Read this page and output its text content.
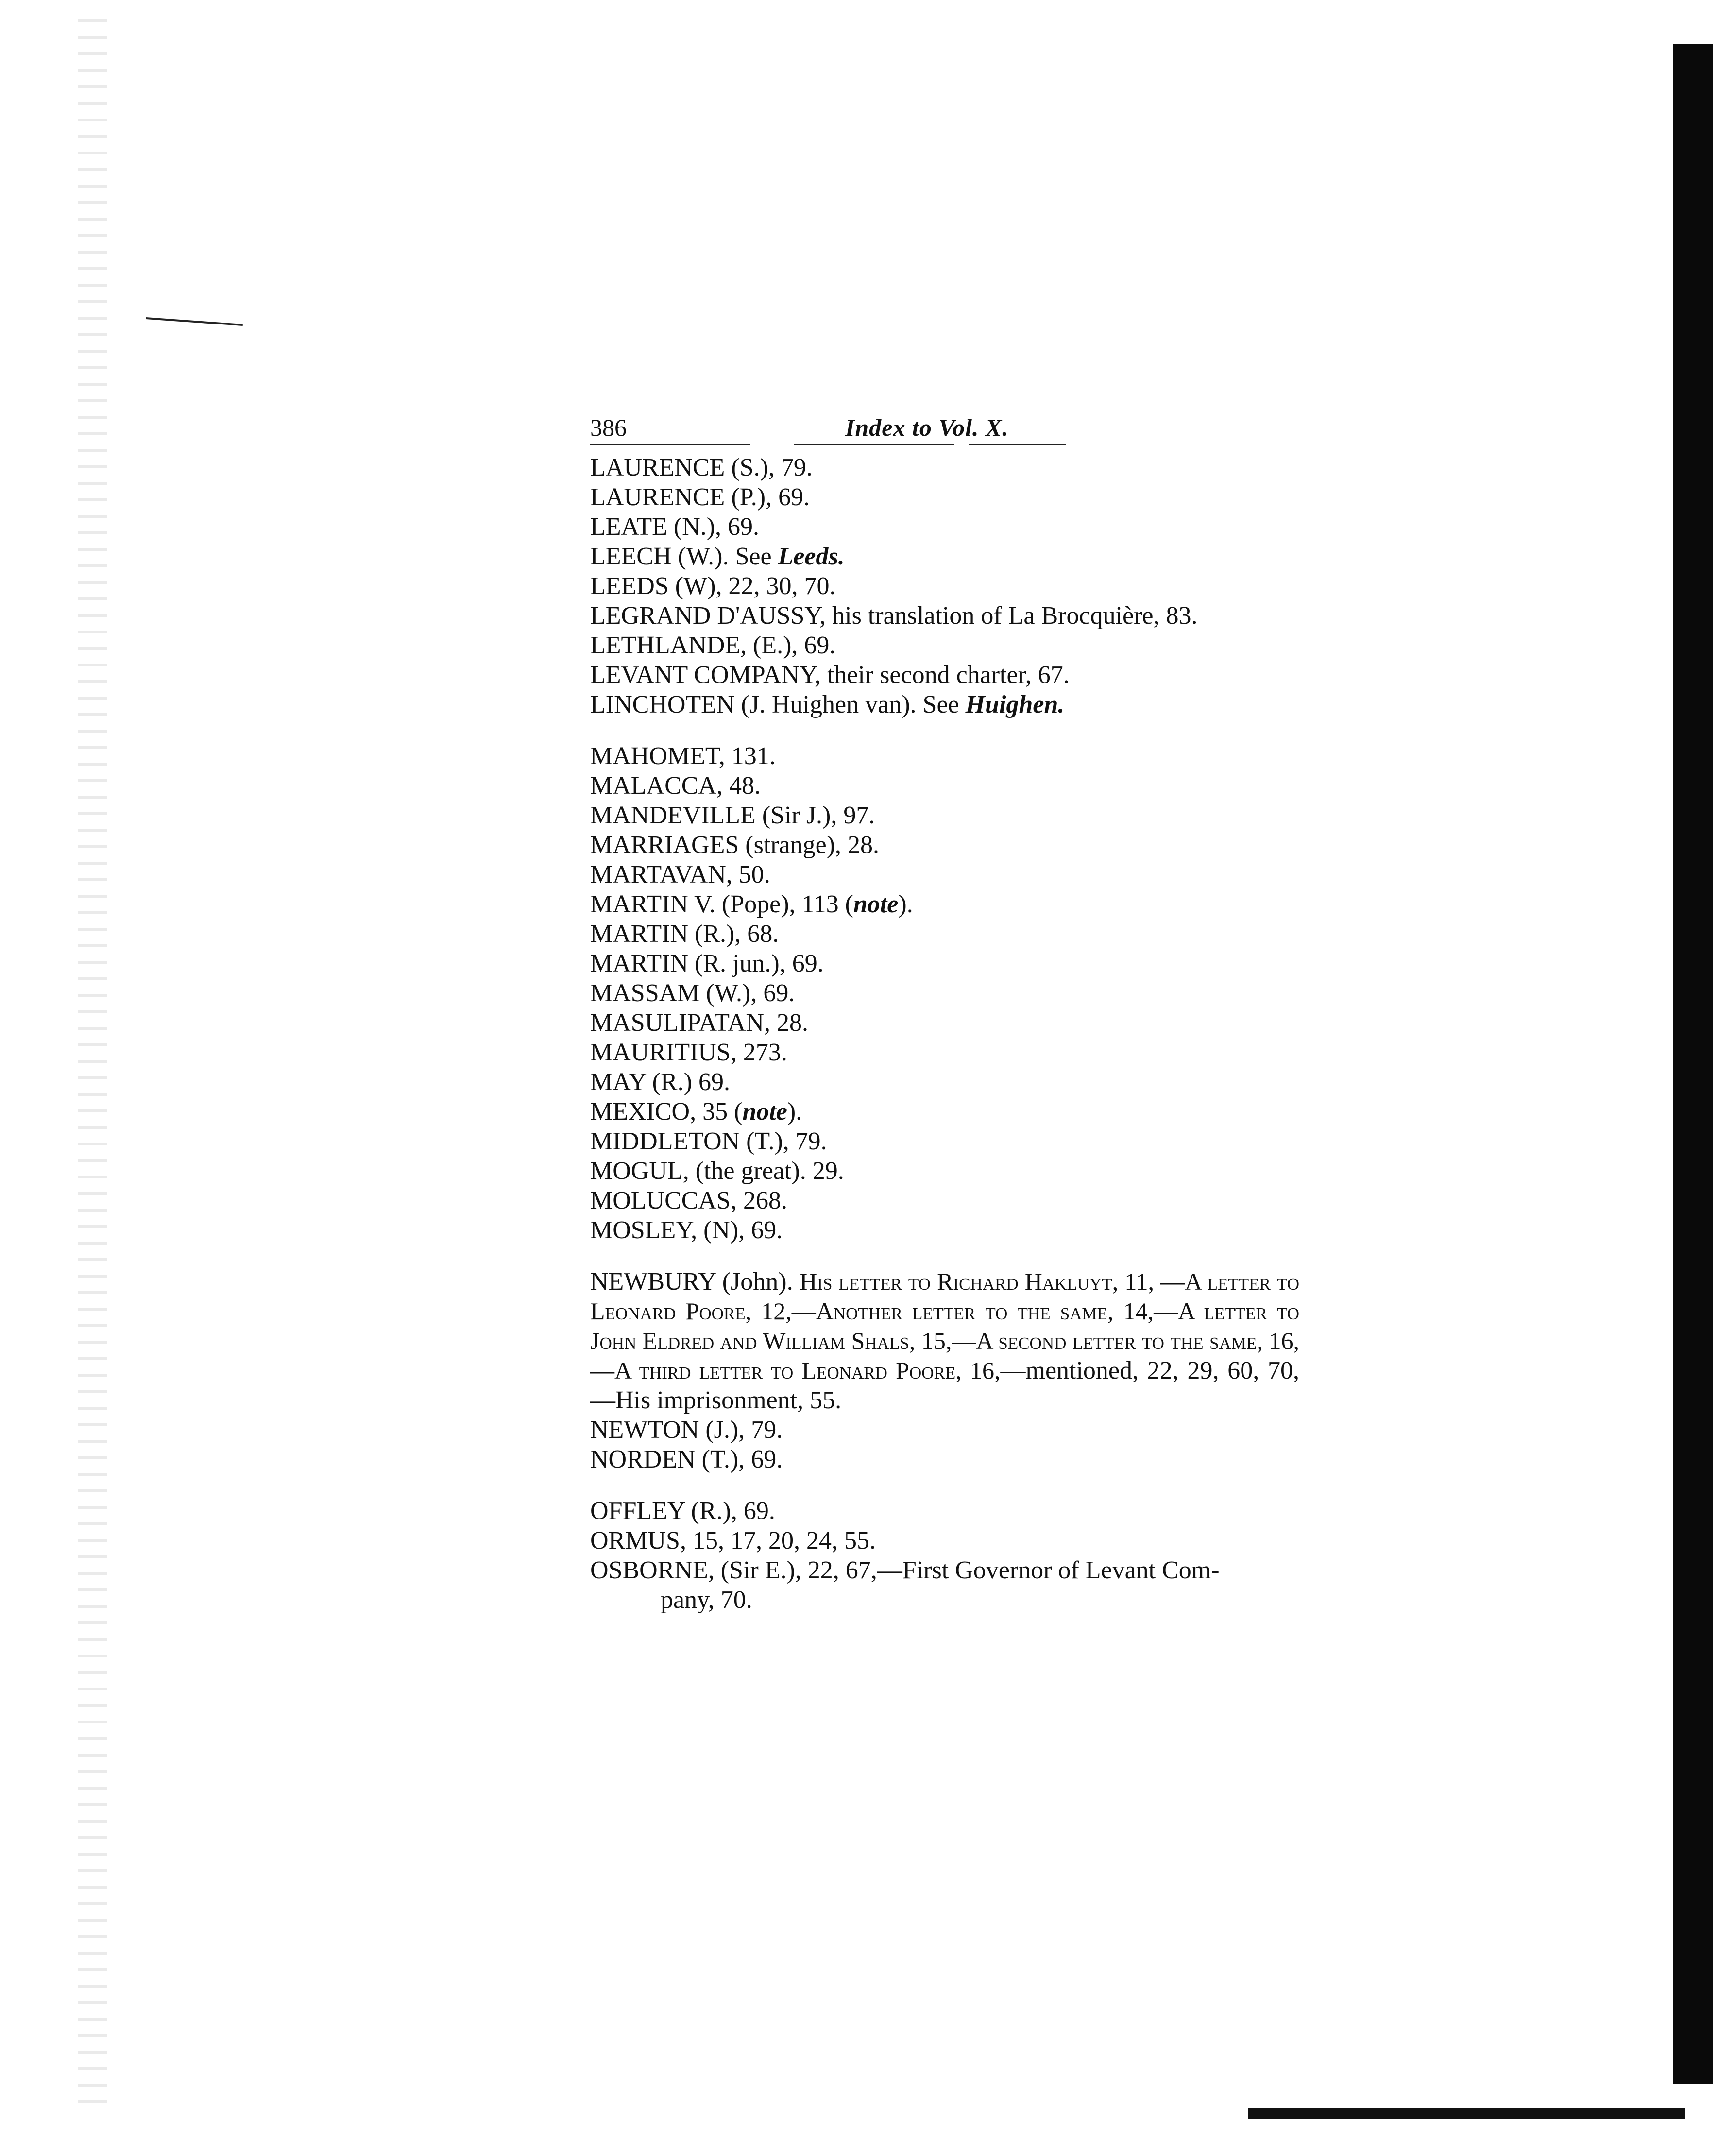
386	Index to Vol. X.
LAURENCE (S.), 79.
LAURENCE (P.), 69.
LEATE (N.), 69.
LEECH (W.). See Leeds.
LEEDS (W), 22, 30, 70.
LEGRAND D'AUSSY, his translation of La Brocquière, 83.
LETHLANDE, (E.), 69.
LEVANT COMPANY, their second charter, 67.
LINCHOTEN (J. Huighen van). See Huighen.
MAHOMET, 131.
MALACCA, 48.
MANDEVILLE (Sir J.), 97.
MARRIAGES (strange), 28.
MARTAVAN, 50.
MARTIN V. (Pope), 113 (note).
MARTIN (R.), 68.
MARTIN (R. jun.), 69.
MASSAM (W.), 69.
MASULIPATAN, 28.
MAURITIUS, 273.
MAY (R.) 69.
MEXICO, 35 (note).
MIDDLETON (T.), 79.
MOGUL, (the great). 29.
MOLUCCAS, 268.
MOSLEY, (N), 69.
NEWBURY (John). His letter to Richard Hakluyt, 11, —A letter to Leonard Poore, 12,—Another letter to the same, 14,—A letter to John Eldred and William Shals, 15,—A second letter to the same, 16, —A third letter to Leonard Poore, 16,—mentioned, 22, 29, 60, 70,—His imprisonment, 55.
NEWTON (J.), 79.
NORDEN (T.), 69.
OFFLEY (R.), 69.
ORMUS, 15, 17, 20, 24, 55.
OSBORNE, (Sir E.), 22, 67,—First Governor of Levant Com-
pany, 70.
